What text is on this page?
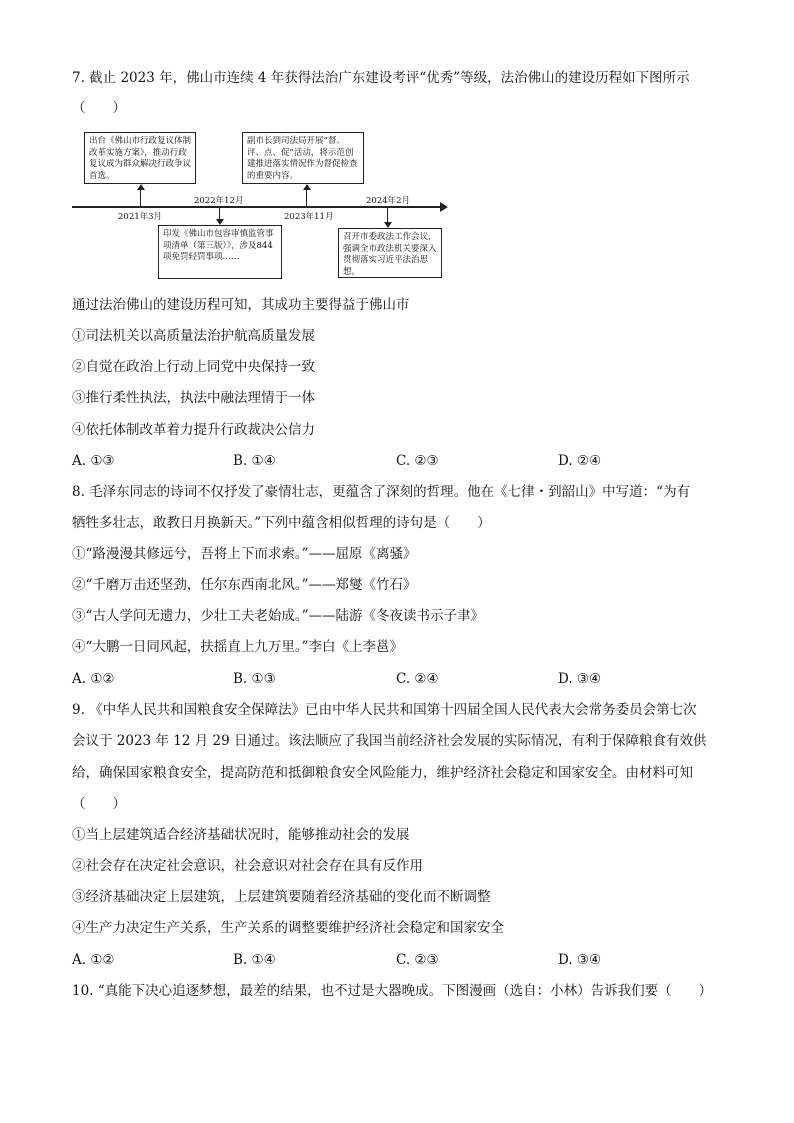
7. 截止 2023 年，佛山市连续 4 年获得法治广东建设考评“优秀”等级，法治佛山的建设历程如下图所示
（　　）
出台《佛山市行政复议体制改革实施方案》，推动行政复议成为群众解决行政争议首选。
印发《佛山市包容审慎监管事项清单（第三版）》，涉及844项免罚轻罚事项……
副市长到司法局开展“督、评、点、促”活动，将示范创建推进落实情况作为督促检查的重要内容。
召开市委政法工作会议，强调全市政法机关要深入贯彻落实习近平法治思想。
2021年3月
2022年12月
2023年11月
2024年2月
通过法治佛山的建设历程可知，其成功主要得益于佛山市
①司法机关以高质量法治护航高质量发展
②自觉在政治上行动上同党中央保持一致
③推行柔性执法，执法中融法理情于一体
④依托体制改革着力提升行政裁决公信力
A. ①③	B. ①④	C. ②③	D. ②④
8. 毛泽东同志的诗词不仅抒发了豪情壮志，更蕴含了深刻的哲理。他在《七律・到韶山》中写道：“为有
牺牲多壮志，敢教日月换新天。”下列中蕴含相似哲理的诗句是（　　）
①“路漫漫其修远兮，吾将上下而求索。”——屈原《离骚》
②“千磨万击还坚劲，任尔东西南北风。”——郑燮《竹石》
③“古人学问无遗力，少壮工夫老始成。”——陆游《冬夜读书示子聿》
④“大鹏一日同风起，扶摇直上九万里。”李白《上李邕》
A. ①②	B. ①③	C. ②④	D. ③④
9. 《中华人民共和国粮食安全保障法》已由中华人民共和国第十四届全国人民代表大会常务委员会第七次
会议于 2023 年 12 月 29 日通过。该法顺应了我国当前经济社会发展的实际情况，有利于保障粮食有效供
给，确保国家粮食安全，提高防范和抵御粮食安全风险能力，维护经济社会稳定和国家安全。由材料可知
（　　）
①当上层建筑适合经济基础状况时，能够推动社会的发展
②社会存在决定社会意识，社会意识对社会存在具有反作用
③经济基础决定上层建筑，上层建筑要随着经济基础的变化而不断调整
④生产力决定生产关系，生产关系的调整要维护经济社会稳定和国家安全
A. ①②	B. ①④	C. ②③	D. ③④
10. “真能下决心追逐梦想，最差的结果，也不过是大器晚成。下图漫画（选自：小林）告诉我们要（　　）
